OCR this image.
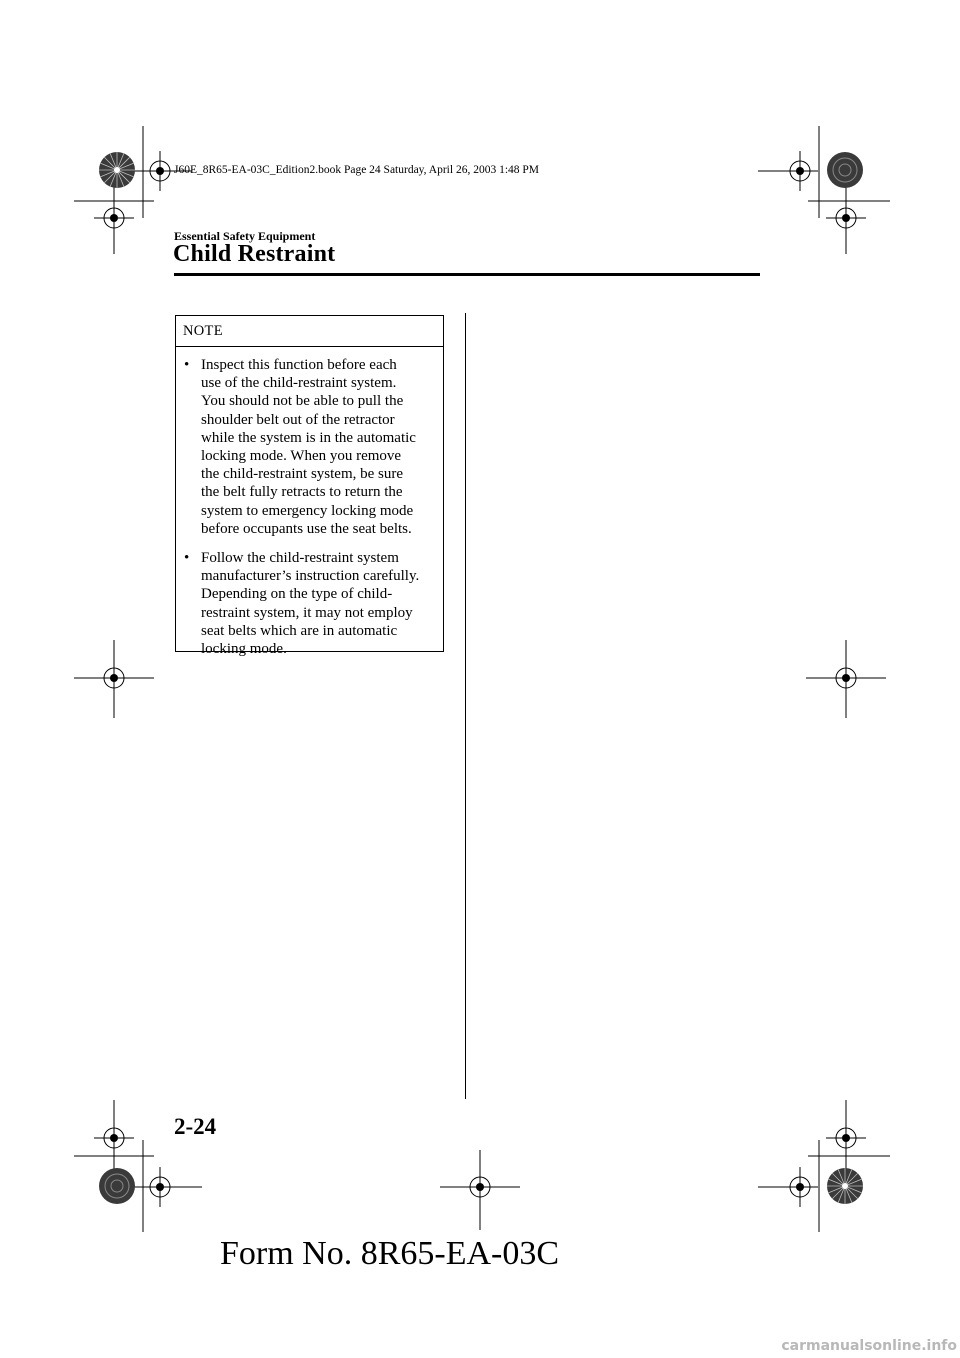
J60E_8R65-EA-03C_Edition2.book Page 24 Saturday, April 26, 2003 1:48 PM
Essential Safety Equipment
Child Restraint
NOTE
• Inspect this function before each
use of the child-restraint system.
You should not be able to pull the
shoulder belt out of the retractor
while the system is in the automatic
locking mode. When you remove
the child-restraint system, be sure
the belt fully retracts to return the
system to emergency locking mode
before occupants use the seat belts.
• Follow the child-restraint system
manufacturer’s instruction carefully.
Depending on the type of child-
restraint system, it may not employ
seat belts which are in automatic
locking mode.
2-24
Form No. 8R65-EA-03C
carmanualsonline.info
